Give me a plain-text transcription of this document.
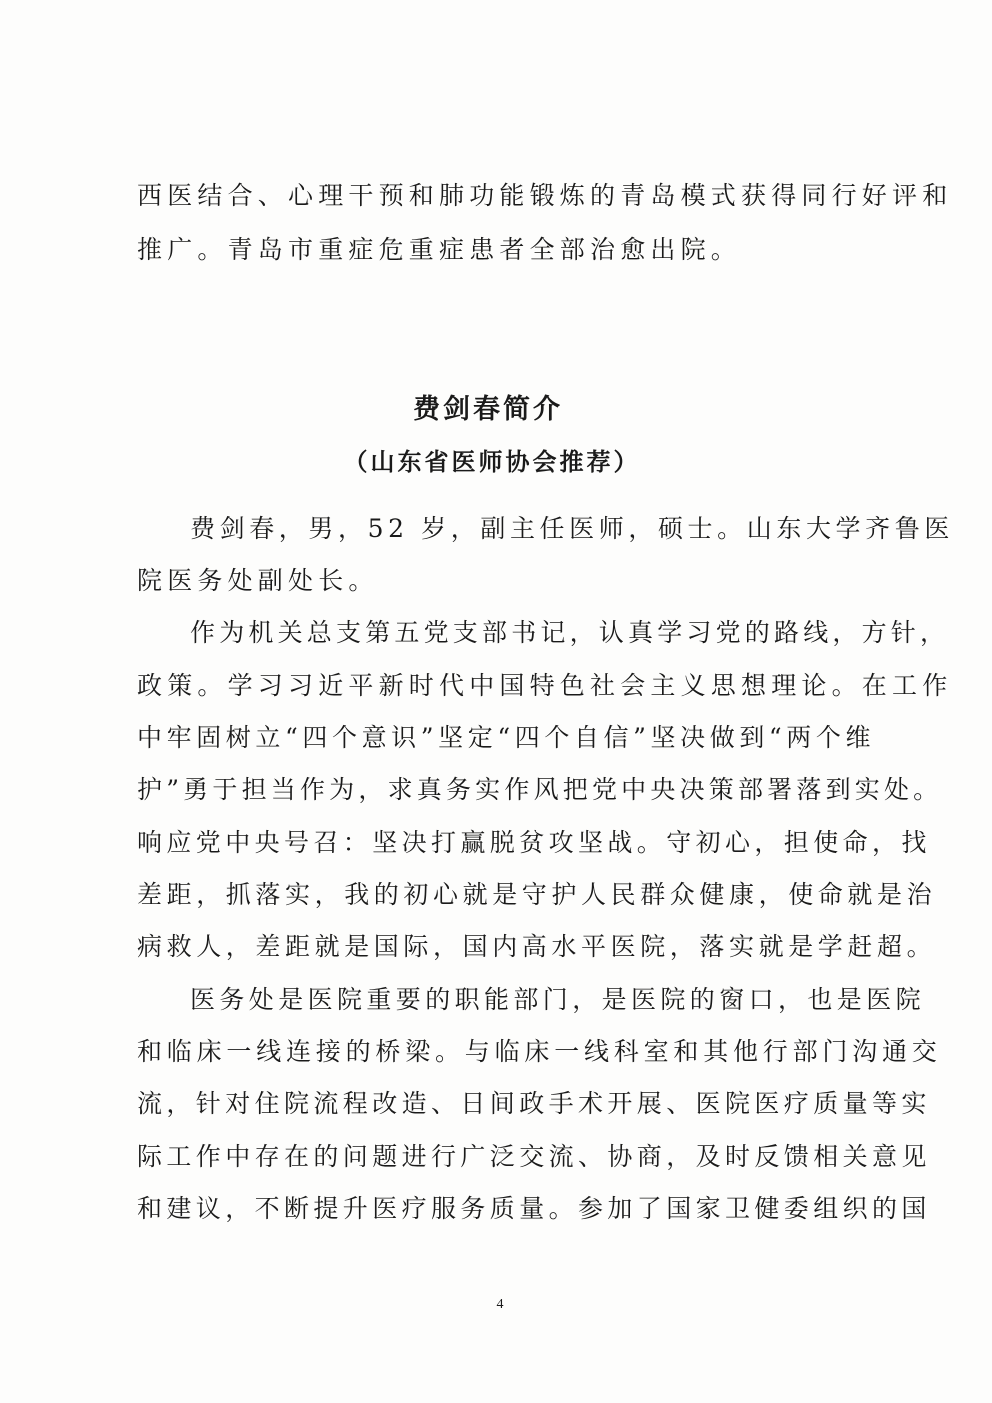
西医结合、心理干预和肺功能锻炼的青岛模式获得同行好评和
推广。青岛市重症危重症患者全部治愈出院。
费剑春简介
（山东省医师协会推荐）
费剑春，男，52 岁，副主任医师，硕士。山东大学齐鲁医
院医务处副处长。
作为机关总支第五党支部书记，认真学习党的路线，方针，
政策。学习习近平新时代中国特色社会主义思想理论。在工作
中牢固树立“四个意识”坚定“四个自信”坚决做到“两个维
护”勇于担当作为，求真务实作风把党中央决策部署落到实处。
响应党中央号召：坚决打赢脱贫攻坚战。守初心，担使命，找
差距，抓落实，我的初心就是守护人民群众健康，使命就是治
病救人，差距就是国际，国内高水平医院，落实就是学赶超。
医务处是医院重要的职能部门，是医院的窗口，也是医院
和临床一线连接的桥梁。与临床一线科室和其他行部门沟通交
流，针对住院流程改造、日间政手术开展、医院医疗质量等实
际工作中存在的问题进行广泛交流、协商，及时反馈相关意见
和建议，不断提升医疗服务质量。参加了国家卫健委组织的国
4
